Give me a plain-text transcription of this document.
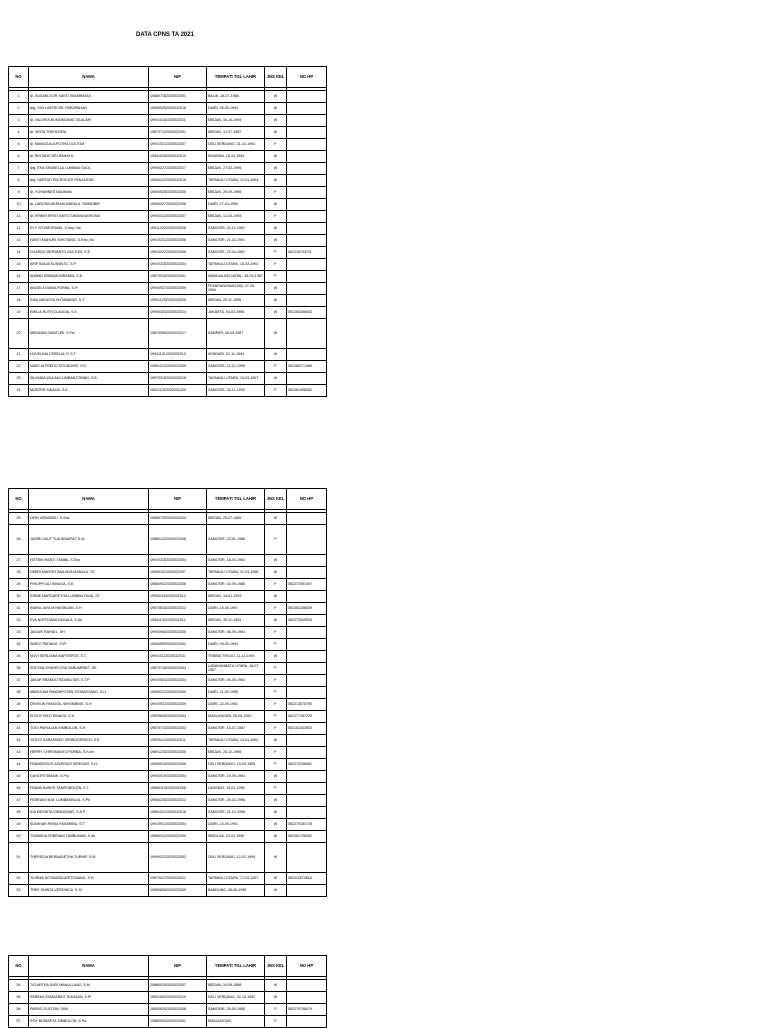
DATA CPNS TA 2021
NO	NAMA	NIP	TEMPATI TGL LAHIR	JNS KEL	NO HP
	*	*			
1	dr. SUSANI DOR SANTI SIMARMATA	198807182020032001	BALIK, 18-07-1988	W	
2	drg. VIVI LINITRI BR. PARAPAHAN	199509262020032016	DAIRI, 26-09-1994	W	
3	dr. VALERIA BUMONDANG SILALAHI	199410162020032011	MEDAN, 16-10-1994	W	
4	dr. SINTA THEODORA	198707122020032001	MEDAN, 12-07-1987	W	
5	dr. MANGGALA PUTRA GULTOM	199310212020031007	DELI SERDANG, 21-10-1993	P	
6	dr. BINTANG SRI RAHAYU	199410182020032010	KISARAN, 18-10-1994	W	
7	drg. EKA GRASELLA LUMBAN GAOL	199502272020032017	MEDAN, 27-02-1995	W	
8	drg. HARTATI RIA ROGATI PANJAITAN	199404122020032015	TAPANULI UTARA, 12-04-1994	W	
9	dr. YOHANNES NAUMAN	198909282020031005	MEDAN, 28-09-1989	P	
10	dr. LABORA MERIAM MARIA A. SIMBOBIR	199004272020032006	DAIRI, 27-04-1990	W	
11	dr. ERWIN KRISTIANTO SIMANGUNSONG	199304122020031007	MEDAN, 12-04-1993	P	
12	EVY SITUMORANG, S.Kep.,Ns	199112202020032008	SAMOSIR, 20-12-1991	W	
13	HANTI MUHURI SIHOTANG, S.Kep.,Ns	199102212020032008	SAMOSIR, 21-02-1991	W	
14	DUARDO HERVANTO GULTOM, S.E	199104222020031005	SAMOSIR, 22-04-1991	P	081210703711
15	ARIF BADIA SUSANTO, S.P.	199203182020031004	TAPANULI UTARA, 18-03-1992	P	
16	AHMAD RIDWAN IBRAHIM, S.E.	198709182020031001	MANDAILING NATAL, 18-09-1987	P	
17	ANGELA DIANA PURBA, S.H	199409272020032009	PEMATANGSIANTAR, 27-09-1994	W	
18	RIKA NATASYA HUTABARAT, S.T.	199511292020032009	MEDAN, 29-11-1995	W	
19	EMILIA RUTH CLAUDIA, S.E.	199503042020032014	JAKARTA, 04-03-1995	W	081260286933
20	MIRANDA SIANTURI, S.Psi	198709062020032017	KAMPAR, 06-09-1987	W	
21	NOVELINA CERELIA, P. S.T.	199411012020032010	KENDARI, 01-11-1994	W	
22	NAEK ALFREDO SITUNGKIR, S.E.	199512122020031009	SAMOSIR, 12-12-1995	P	081260271469
23	SILVANIA WULAN LUMBANTOBING, S.E.	199703152020032016	TAPANULI UTARA, 15-03-1997	W	
24	MUNTER SINAGA, S.E.	199211302020031009	SAMOSIR, 30-11-1992	P	081361098962
NO	NAMA	NIP	TEMPATI TGL LAHIR	JNS KEL	NO HP
	*	*			
25	DEIN VERAWATI, S.Sos	198907292020032004	MEDAN, 29-07-1989	W	
26	JAHIRI SAUT TUA SINURAT, S.M.	198601232020031006	SAMOSIR, 23-01-1986	P	
27	HOTBIN HANTI TAMBA, S.Sos	199203182020032004	SAMOSIR, 18-03-1992	W	
28	DEBRI MANTRI SANJAYA MANALU, ST	199503312020032007	TAPANULI UTARA, 31-03-1995	W	
29	PHILIPPI ALI SINAGA, S.E.	198609022020031008	SAMOSIR, 02-09-1986	P	082272051497
30	RIENE MARGARETHA LUMBAN RAJA, ST	199301162020032012	MEDAN, 16-01-1993	W	
31	INDRA JAYA M HASIBUAN, S.H	199708152020031012	DAIRI, 15-08-1997	P	081363158039
32	EVA NOPITAMIA SAGALA, S.Ak	199411302020032011	MEDAN, 30-11-1994	W	082272649933
33	JAIDUR RAFAEL, SH	199309062020031005	SAMOSIR, 06-09-1993	P	
34	SIMEO PADANG, S.Pt	199409092020031002	DAIRI, 09-09-1994	P	
35	NOVI SERLIANA NAPOSPOS, S.T.	199411112020032010	TEBING TINGGI, 11-11-1994	W	
36	SOFYAN SYAHPUTRA SARUMPAET, SE	198707182020031003	LABUHANBATU UTARA, 18-07-1987	P	
37	JAKAP BRANDO SIDABUTAR, S.T.P	199205042020031004	SAMOSIR, 04-05-1992	P	
38	MARULAM PANDAPOTAN SITANGGANG, S.H	199502212020031009	DAIRI, 21-02-1995	P	
39	DENSON PANGGIL SIHOMBING, S.H.	199209222020031009	DAIRI, 22-09-1992	P	082213675750
40	ELROY ISKO SINAGA, S.H.	199206052020031003	EMALUNGUN, 05-06-1992	P	081277157229
41	TOGI PARULIAN SIMBOLON, S.H.	198707132020031003	SAMOSIR, 13-07-1987	P	082161032803
42	YESSY SARASWATI SIRINGORINGO, S.E.	199204142020032011	TAPANULI UTARA, 14-04-1992	W	
43	HERRY CHRISMANTO PURBA, S.Kom	198912262020031005	MEDAN, 26-12-1989	P	
44	FRANSISKUS XAVERIUS SIREGAR, S.H	199509192020031005	DELI SERDANG, 19-09-1995	P	082272036081
45	GAYATRI SIMAIK, S.Psi	199309192020032004	SAMOSIR, 19-09-1993	W	
46	FRANS BAKER TAMPUBOLON, S.T.	199601192020031006	LANGKAT, 19-01-1996	P	
47	FEBRIANI N.M. LUMBANRAJA, S.Pk	199602252020032012	SAMOSIR, 25-02-1996	W	
48	IDA MESNITA SIPANGKAR, S.A.P	199610212020032016	SAMOSIR, 21-10-1996	W	
49	SUMIHAR RISNA PASARIBU, S.T.	199109132020032004	DAIRI, 13-09-1991	W	082275164728
50	TIOMAIDA FEBRIANI TAMBUNAN, S.Ak	199602242020032009	SIBOLGA, 24-02-1996	W	082361726352
51	THERESIA BERNADETHA TURNIP, S.M	199902212020032002	DELI SERDANG, 12-02-1999	W	
52	TIURMA HOTMAIDA ARITONANG, S.H.	199704172020032012	TAPANULI UTARA, 17-04-1997	W	082211874816
53	TREE SHINTA VERONICA, S.Si	199508082020032009	BANDUNG, 08-08-1995	W	
NO	NAMA	NIP	TEMPATI TGL LAHIR	JNS KEL	NO HP
	*	*			
54	TIO ARTHA SARI MANULLANG, S.M	198809192020032007	MEDAN, 19-09-1988	W	
55	REBEKA PASMABIDT SIAHAAN, S.Pi	199210022020032010	DELI SERDANG, 02-10-1992	W	
56	PARNO GULTOM, SKM	198509262020031006	SAMOSIR, 26-09-1985	P	082270708479
57	ROY BUDIARTA SIMBOLON, S.Pa.	198809042020031002	EMALUNGUN,	P	
